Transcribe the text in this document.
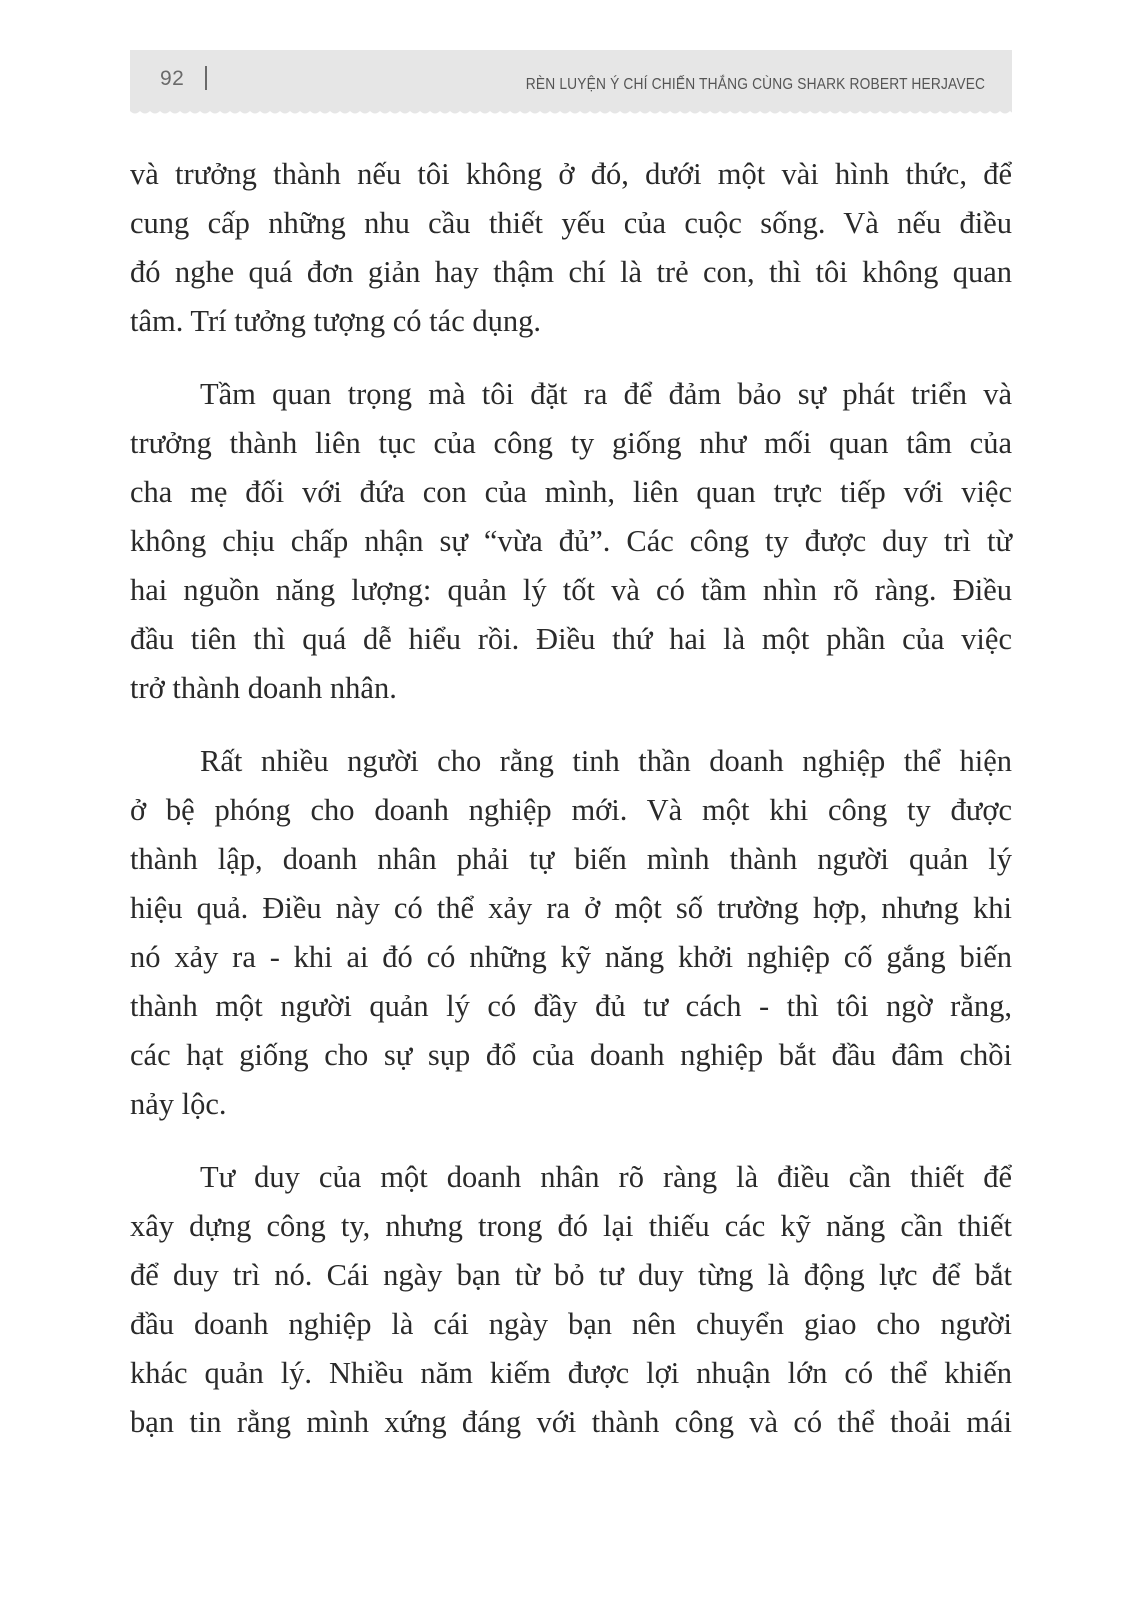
92	RÈN LUYỆN Ý CHÍ CHIẾN THẮNG CÙNG SHARK ROBERT HERJAVEC
và trưởng thành nếu tôi không ở đó, dưới một vài hình thức, để
cung cấp những nhu cầu thiết yếu của cuộc sống. Và nếu điều
đó nghe quá đơn giản hay thậm chí là trẻ con, thì tôi không quan
tâm. Trí tưởng tượng có tác dụng.
Tầm quan trọng mà tôi đặt ra để đảm bảo sự phát triển và
trưởng thành liên tục của công ty giống như mối quan tâm của
cha mẹ đối với đứa con của mình, liên quan trực tiếp với việc
không chịu chấp nhận sự “vừa đủ”. Các công ty được duy trì từ
hai nguồn năng lượng: quản lý tốt và có tầm nhìn rõ ràng. Điều
đầu tiên thì quá dễ hiểu rồi. Điều thứ hai là một phần của việc
trở thành doanh nhân.
Rất nhiều người cho rằng tinh thần doanh nghiệp thể hiện
ở bệ phóng cho doanh nghiệp mới. Và một khi công ty được
thành lập, doanh nhân phải tự biến mình thành người quản lý
hiệu quả. Điều này có thể xảy ra ở một số trường hợp, nhưng khi
nó xảy ra - khi ai đó có những kỹ năng khởi nghiệp cố gắng biến
thành một người quản lý có đầy đủ tư cách - thì tôi ngờ rằng,
các hạt giống cho sự sụp đổ của doanh nghiệp bắt đầu đâm chồi
nảy lộc.
Tư duy của một doanh nhân rõ ràng là điều cần thiết để
xây dựng công ty, nhưng trong đó lại thiếu các kỹ năng cần thiết
để duy trì nó. Cái ngày bạn từ bỏ tư duy từng là động lực để bắt
đầu doanh nghiệp là cái ngày bạn nên chuyển giao cho người
khác quản lý. Nhiều năm kiếm được lợi nhuận lớn có thể khiến
bạn tin rằng mình xứng đáng với thành công và có thể thoải mái
